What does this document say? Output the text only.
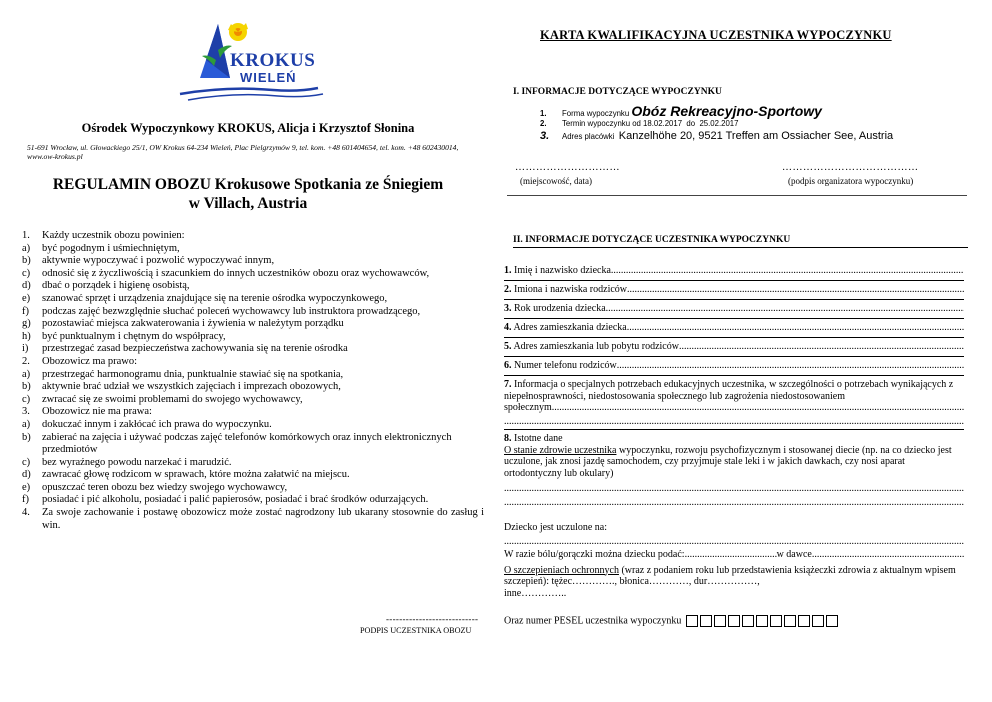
KROKUS
WIELEŃ
Ośrodek Wypoczynkowy KROKUS, Alicja i Krzysztof Słonina
51-691 Wrocław, ul. Głowackiego 25/1, OW Krokus 64-234 Wieleń, Plac Pielgrzymów 9, tel. kom. +48 601404654, tel. kom. +48 602430014, www.ow-krokus.pl
REGULAMIN OBOZU Krokusowe Spotkania ze Śniegiem
w Villach, Austria
1.	Każdy uczestnik obozu powinien:
a)	być pogodnym i uśmiechniętym,
b)	aktywnie wypoczywać i pozwolić wypoczywać innym,
c)	odnosić się z życzliwością i szacunkiem do innych uczestników obozu oraz wychowawców,
d)	dbać o porządek i higienę osobistą,
e)	szanować sprzęt i urządzenia znajdujące się na terenie ośrodka wypoczynkowego,
f)	podczas zajęć bezwzględnie słuchać poleceń wychowawcy lub instruktora prowadzącego,
g)	pozostawiać miejsca zakwaterowania i żywienia w należytym porządku
h)	być punktualnym i chętnym do współpracy,
i)	przestrzegać zasad bezpieczeństwa zachowywania się na terenie ośrodka
2.	Obozowicz ma prawo:
a)	przestrzegać harmonogramu dnia, punktualnie stawiać się na spotkania,
b)	aktywnie brać udział we wszystkich zajęciach i imprezach obozowych,
c)	zwracać się ze swoimi problemami do swojego wychowawcy,
3.	Obozowicz nie ma prawa:
a)	dokuczać innym i zakłócać ich prawa do wypoczynku.
b)	zabierać na zajęcia i używać podczas zajęć telefonów komórkowych oraz innych elektronicznych przedmiotów
c)	bez wyraźnego powodu narzekać i marudzić.
d)	zawracać głowę rodzicom w sprawach, które można załatwić na miejscu.
e)	opuszczać teren obozu bez wiedzy swojego wychowawcy,
f)	posiadać i pić alkoholu, posiadać i palić papierosów, posiadać i brać środków odurzających.
4.	Za swoje zachowanie i postawę obozowicz może zostać nagrodzony lub ukarany stosownie do zasług i win.
----------------------------
PODPIS UCZESTNIKA OBOZU
KARTA KWALIFIKACYJNA UCZESTNIKA WYPOCZYNKU
I. INFORMACJE DOTYCZĄCE WYPOCZYNKU
1. Forma wypoczynku Obóz Rekreacyjno-Sportowy
2. Termin wypoczynku od 18.02.2017 do 25.02.2017
3. Adres placówki Kanzelhöhe 20, 9521 Treffen am Ossiacher See, Austria
…………………………
(miejscowość, data)
…………………………………
(podpis organizatora wypoczynku)
II. INFORMACJE DOTYCZĄCE UCZESTNIKA WYPOCZYNKU
1. Imię i nazwisko dziecka
.....
2. Imiona i nazwiska rodziców
.....
3. Rok urodzenia dziecka
.....
4. Adres zamieszkania dziecka
.....
5. Adres zamieszkania lub pobytu rodziców
.....
6. Numer telefonu rodziców
.....
7. Informacja o specjalnych potrzebach edukacyjnych uczestnika, w szczególności o potrzebach wynikających z niepełnosprawności, niedostosowania społecznego lub zagrożenia niedostosowaniem
społecznym
.....
.....
8. Istotne dane
O stanie zdrowie uczestnika wypoczynku, rozwoju psychofizycznym i stosowanej diecie (np. na co dziecko jest uczulone, jak znosi jazdę samochodem, czy przyjmuje stale leki i w jakich dawkach, czy nosi aparat ortodontyczny lub okulary)
.....
.....
Dziecko jest uczulone na:
.....
W razie bólu/gorączki można dziecku podać:
.....	w dawce
.....
O szczepieniach ochronnych (wraz z podaniem roku lub przedstawienia książeczki zdrowia z aktualnym wpisem szczepień): tężec…………., błonica…………, dur……………,
inne…………..
Oraz numer PESEL uczestnika wypoczynku
